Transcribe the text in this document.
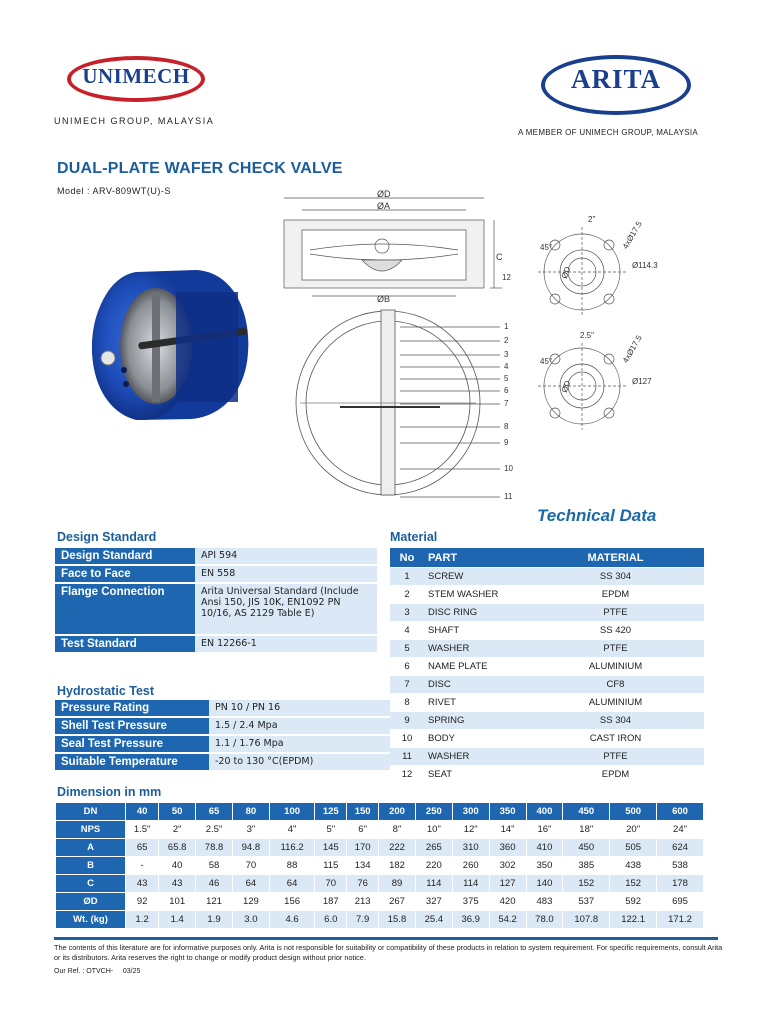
UNIMECH
UNIMECH GROUP, MALAYSIA
ARITA
A MEMBER OF UNIMECH GROUP, MALAYSIA
DUAL-PLATE WAFER CHECK VALVE
Model : ARV-809WT(U)-S	ØD
ØA
ØB
C
12
1
2
3
4
5
6
7
8
9
10
11
2"
45°	4xØ17.5
Ø114.3
ØD
2.5"
45°	4xØ17.5
Ø127
ØD
Technical Data
Design Standard
Design Standard	API 594
Face to Face	EN 558
Flange Connection	Arita Universal Standard (Include Ansi 150, JIS 10K, EN1092 PN 10/16, AS 2129 Table E)
Test Standard	EN 12266-1
Hydrostatic Test
Pressure Rating	PN 10 / PN 16
Shell Test Pressure	1.5 / 2.4 Mpa
Seal Test Pressure	1.1 / 1.76 Mpa
Suitable Temperature	-20 to 130 °C(EPDM)
Material
No	PART	MATERIAL
1	SCREW	SS 304
2	STEM WASHER	EPDM
3	DISC RING	PTFE
4	SHAFT	SS 420
5	WASHER	PTFE
6	NAME PLATE	ALUMINIUM
7	DISC	CF8
8	RIVET	ALUMINIUM
9	SPRING	SS 304
10	BODY	CAST IRON
11	WASHER	PTFE
12	SEAT	EPDM
Dimension in mm
DN	40	50	65	80	100	125	150	200	250	300	350	400	450	500	600
NPS	1.5"	2"	2.5"	3"	4"	5"	6"	8"	10"	12"	14"	16"	18"	20"	24"
A	65	65.8	78.8	94.8	116.2	145	170	222	265	310	360	410	450	505	624
B	-	40	58	70	88	115	134	182	220	260	302	350	385	438	538
C	43	43	46	64	64	70	76	89	114	114	127	140	152	152	178
ØD	92	101	121	129	156	187	213	267	327	375	420	483	537	592	695
Wt. (kg)	1.2	1.4	1.9	3.0	4.6	6.0	7.9	15.8	25.4	36.9	54.2	78.0	107.8	122.1	171.2
The contents of this literature are for informative purposes only. Arita is not responsible for suitability or compatibility of these products in relation to system requirement. For specific requirements, consult Arita or its distributors. Arita reserves the right to change or modify product design without prior notice.
Our Ref. : OTVCH- 03/25
